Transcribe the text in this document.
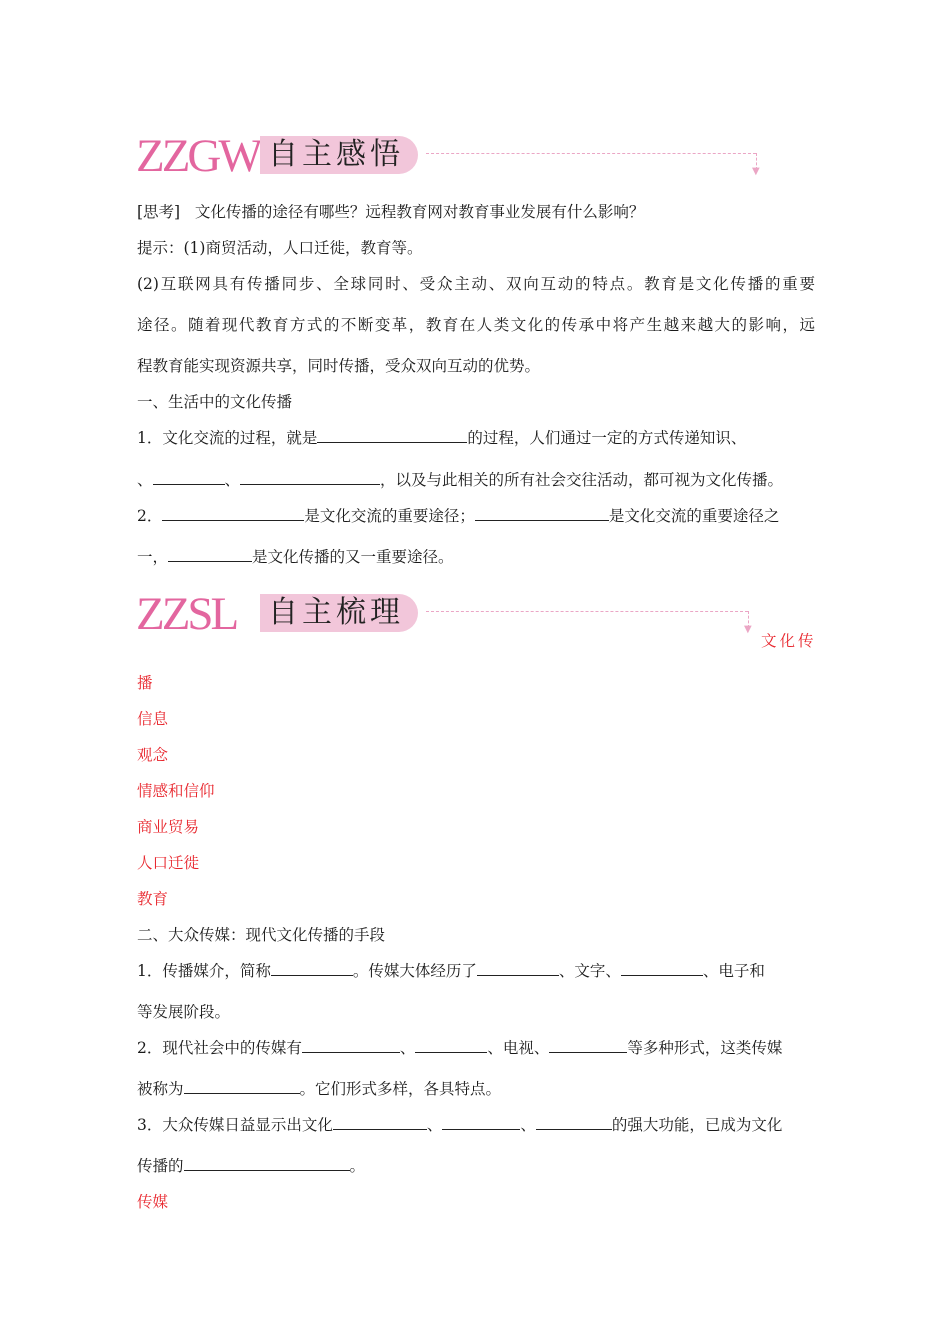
ZZGW 自主感悟	▼
[思考] 文化传播的途径有哪些？远程教育网对教育事业发展有什么影响？
提示：(1)商贸活动，人口迁徙，教育等。
(2)互联网具有传播同步、全球同时、受众主动、双向互动的特点。教育是文化传播的重要
途径。随着现代教育方式的不断变革，教育在人类文化的传承中将产生越来越大的影响，远
程教育能实现资源共享，同时传播，受众双向互动的优势。
一、生活中的文化传播
1．文化交流的过程，就是	的过程，人们通过一定的方式传递知识、
、	、	，以及与此相关的所有社会交往活动，都可视为文化传播。
2．	是文化交流的重要途径；	是文化交流的重要途径之
一，	是文化传播的又一重要途径。
ZZSL 自主梳理	▼
文化传
播
信息
观念
情感和信仰
商业贸易
人口迁徙
教育
二、大众传媒：现代文化传播的手段
1．传播媒介，简称	。传媒大体经历了	、文字、	、电子和
等发展阶段。
2．现代社会中的传媒有	、	、电视、	等多种形式，这类传媒
被称为	。它们形式多样，各具特点。
3．大众传媒日益显示出文化	、	、	的强大功能，已成为文化
传播的	。
传媒
